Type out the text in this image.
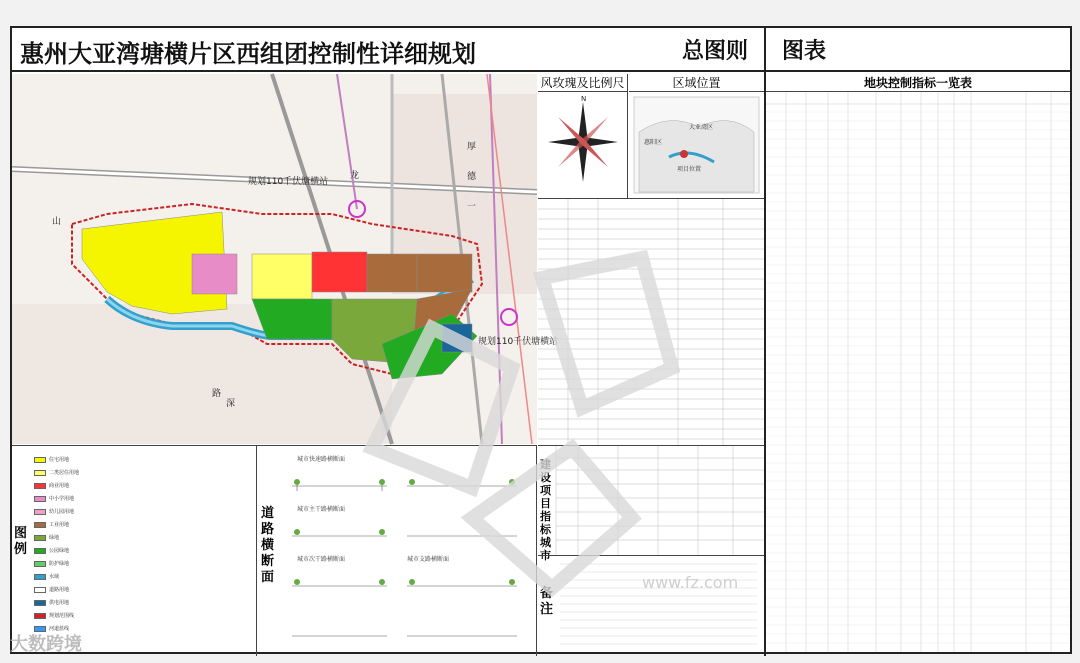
惠州大亚湾塘横片区西组团控制性详细规划	总图则 图表
规划110千伏塘横站
规划110千伏塘横站
龙
路
深
山
厚
德
一
风玫瑰及比例尺	区域位置
N
项目位置
大亚湾区
惠阳区
地块控制指标一览表
图例
住宅用地
二类居住用地
商业用地
中小学用地
幼儿园用地
工业用地
绿地
公园绿地
防护绿地
水域
道路用地
供电用地
规划范围线
河道蓝线
道路横断面
城市快速路横断面
城市主干路横断面
城市次干路横断面	城市支路横断面
建设项目指标城市
备注
www.fz.com
大数跨境
